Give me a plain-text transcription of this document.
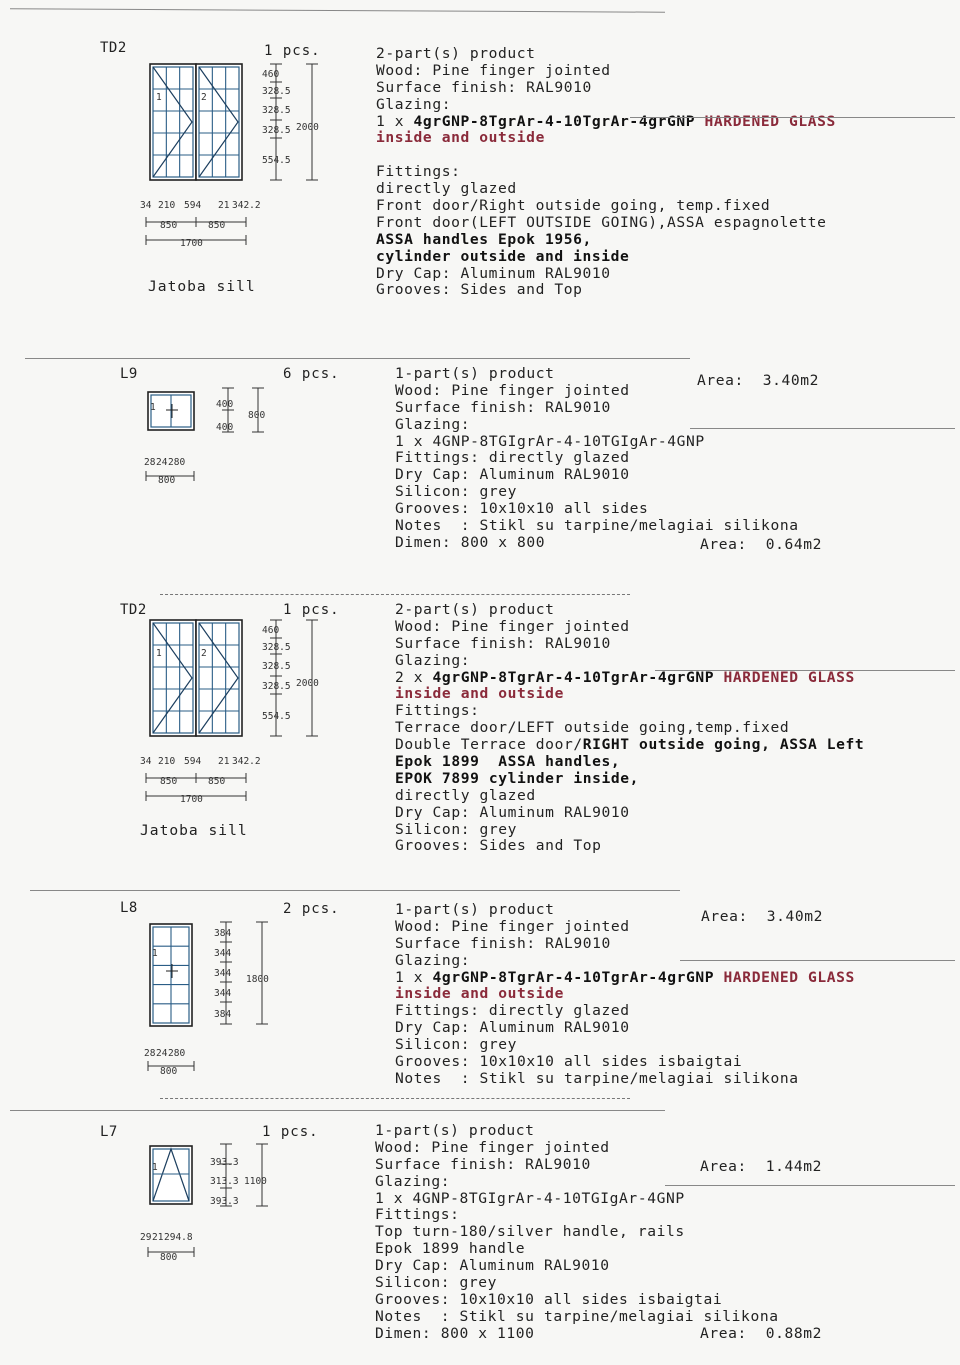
TD2	1 pcs.	2-part(s) product
Wood: Pine finger jointed
Surface finish: RAL9010
Glazing:
1 x 4grGNP-8TgrAr-4-10TgrAr-4grGNP HARDENED GLASS
inside and outside
Fittings:
directly glazed
Front door/Right outside going, temp.fixed
Front door(LEFT OUTSIDE GOING),ASSA espagnolette
ASSA handles Epok 1956,
cylinder outside and inside
Dry Cap: Aluminum RAL9010
Grooves: Sides and Top
Jatoba sill
1	2
460
328.5
328.5
328.5
554.5
2000
34 210 594 21 342.2
850	850
1700
L9	6 pcs.	Area:  3.40m2
1-part(s) product
Wood: Pine finger jointed
Surface finish: RAL9010
Glazing:
1 x 4GNP-8TGIgrAr-4-10TGIgAr-4GNP
Fittings: directly glazed
Dry Cap: Aluminum RAL9010
Silicon: grey
Grooves: 10x10x10 all sides
Notes  : Stikl su tarpine/melagiai silikona
Dimen: 800 x 800	Area:  0.64m2
1	400
400
800
28 24 280
800
TD2	1 pcs.	2-part(s) product
Wood: Pine finger jointed
Surface finish: RAL9010
Glazing:
2 x 4grGNP-8TgrAr-4-10TgrAr-4grGNP HARDENED GLASS
inside and outside
Fittings:
Terrace door/LEFT outside going,temp.fixed
Double Terrace door/RIGHT outside going, ASSA Left
Epok 1899  ASSA handles,
EPOK 7899 cylinder inside,
directly glazed
Dry Cap: Aluminum RAL9010
Silicon: grey
Grooves: Sides and Top
Jatoba sill
1	2
460
328.5
328.5
328.5
554.5
2000
34 210 594 21 342.2
850	850
1700
L8	2 pcs.	Area:  3.40m2
1-part(s) product
Wood: Pine finger jointed
Surface finish: RAL9010
Glazing:
1 x 4grGNP-8TgrAr-4-10TgrAr-4grGNP HARDENED GLASS
inside and outside
Fittings: directly glazed
Dry Cap: Aluminum RAL9010
Silicon: grey
Grooves: 10x10x10 all sides isbaigtai
Notes  : Stikl su tarpine/melagiai silikona
1
384
344
344
344
384
1800
28 24 280
800
L7	1 pcs.
Area:  1.44m2
1-part(s) product
Wood: Pine finger jointed
Surface finish: RAL9010
Glazing:
1 x 4GNP-8TGIgrAr-4-10TGIgAr-4GNP
Fittings:
Top turn-180/silver handle, rails
Epok 1899 handle
Dry Cap: Aluminum RAL9010
Silicon: grey
Grooves: 10x10x10 all sides isbaigtai
Notes  : Stikl su tarpine/melagiai silikona
Dimen: 800 x 1100	Area:  0.88m2
1	393.3
313.3
393.3
1100
29 21 294.8
800
